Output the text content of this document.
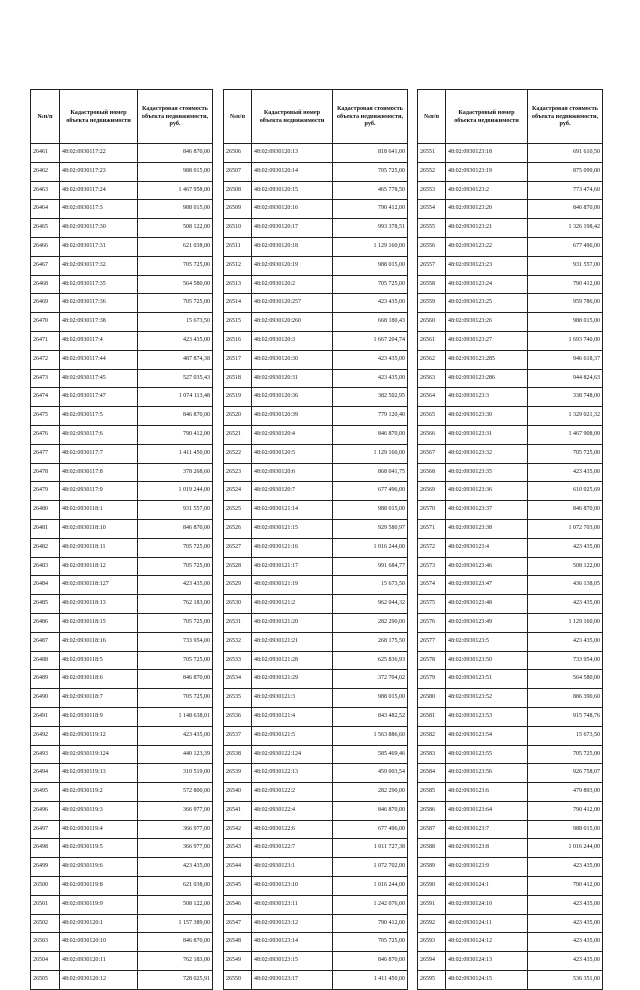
№п/п	Кадастровый номер объекта недвижимости	Кадастровая стоимость объекта недвижимости, руб.
26461	48:02:0930117:22	846 870,00
26462	48:02:0930117:23	988 015,00
26463	48:02:0930117:24	1 467 958,00
26464	48:02:0930117:3	988 015,00
26465	48:02:0930117:30	508 122,00
26466	48:02:0930117:31	621 038,00
26467	48:02:0930117:32	705 725,00
26468	48:02:0930117:35	564 580,00
26469	48:02:0930117:36	705 725,00
26470	48:02:0930117:38	15 673,50
26471	48:02:0930117:4	423 435,00
26472	48:02:0930117:44	487 874,38
26473	48:02:0930117:45	527 035,43
26474	48:02:0930117:47	1 074 113,48
26475	48:02:0930117:5	846 870,00
26476	48:02:0930117:6	790 412,00
26477	48:02:0930117:7	1 411 450,00
26478	48:02:0930117:8	378 268,60
26479	48:02:0930117:9	1 019 244,00
26480	48:02:0930118:1	931 557,00
26481	48:02:0930118:10	846 870,00
26482	48:02:0930118:11	705 725,00
26483	48:02:0930118:12	705 725,00
26484	48:02:0930118:127	423 435,00
26485	48:02:0930118:13	762 183,00
26486	48:02:0930118:15	705 725,00
26487	48:02:0930118:16	733 954,00
26488	48:02:0930118:5	705 725,00
26489	48:02:0930118:6	846 870,00
26490	48:02:0930118:7	705 725,00
26491	48:02:0930118:9	1 148 638,01
26492	48:02:0930119:12	423 435,00
26493	48:02:0930119:124	440 123,39
26494	48:02:0930119:13	310 519,00
26495	48:02:0930119:2	572 800,00
26496	48:02:0930119:3	366 977,00
26497	48:02:0930119:4	366 977,00
26498	48:02:0930119:5	366 977,00
26499	48:02:0930119:6	423 435,00
26500	48:02:0930119:8	621 038,00
26501	48:02:0930119:9	508 122,00
26502	48:02:0930120:1	1 157 389,00
26503	48:02:0930120:10	846 870,00
26504	48:02:0930120:11	762 183,00
26505	48:02:0930120:12	728 025,91
№п/п	Кадастровый номер объекта недвижимости	Кадастровая стоимость объекта недвижимости, руб.
26506	48:02:0930120:13	818 641,00
26507	48:02:0930120:14	705 725,00
26508	48:02:0930120:15	465 778,50
26509	48:02:0930120:16	790 412,00
26510	48:02:0930120:17	993 378,51
26511	48:02:0930120:18	1 129 160,00
26512	48:02:0930120:19	988 015,00
26513	48:02:0930120:2	705 725,00
26514	48:02:0930120:257	423 435,00
26515	48:02:0930120:260	668 180,43
26516	48:02:0930120:3	1 667 204,74
26517	48:02:0930120:30	423 435,00
26518	48:02:0930120:31	423 435,00
26519	48:02:0930120:36	382 502,95
26520	48:02:0930120:39	779 120,40
26521	48:02:0930120:4	846 870,00
26522	48:02:0930120:5	1 129 160,00
26523	48:02:0930120:6	868 041,75
26524	48:02:0930120:7	677 496,00
26525	48:02:0930121:14	988 015,00
26526	48:02:0930121:15	929 580,97
26527	48:02:0930121:16	1 016 244,00
26528	48:02:0930121:17	991 684,77
26529	48:02:0930121:19	15 673,50
26530	48:02:0930121:2	962 044,32
26531	48:02:0930121:20	282 290,00
26532	48:02:0930121:21	268 175,50
26533	48:02:0930121:28	625 836,93
26534	48:02:0930121:29	372 704,02
26535	48:02:0930121:3	988 015,00
26536	48:02:0930121:4	843 482,52
26537	48:02:0930121:5	1 563 886,60
26538	48:02:0930122:124	585 469,46
26539	48:02:0930122:13	459 003,54
26540	48:02:0930122:2	282 290,00
26541	48:02:0930122:4	846 870,00
26542	48:02:0930122:6	677 496,00
26543	48:02:0930122:7	1 011 727,38
26544	48:02:0930123:1	1 072 702,00
26545	48:02:0930123:10	1 016 244,00
26546	48:02:0930123:11	1 242 076,00
26547	48:02:0930123:12	790 412,00
26548	48:02:0930123:14	705 725,00
26549	48:02:0930123:15	846 870,00
26550	48:02:0930123:17	1 411 450,00
№п/п	Кадастровый номер объекта недвижимости	Кадастровая стоимость объекта недвижимости, руб.
26551	48:02:0930123:18	691 610,50
26552	48:02:0930123:19	875 099,00
26553	48:02:0930123:2	773 474,60
26554	48:02:0930123:20	846 870,00
26555	48:02:0930123:21	1 326 198,42
26556	48:02:0930123:22	677 496,00
26557	48:02:0930123:23	931 557,00
26558	48:02:0930123:24	790 412,00
26559	48:02:0930123:25	959 786,00
26560	48:02:0930123:26	988 015,00
26561	48:02:0930123:27	1 693 740,00
26562	48:02:0930123:285	946 618,37
26563	48:02:0930123:286	944 824,63
26564	48:02:0930123:3	338 748,00
26565	48:02:0930123:30	1 329 021,32
26566	48:02:0930123:31	1 467 908,00
26567	48:02:0930123:32	705 725,00
26568	48:02:0930123:35	423 435,00
26569	48:02:0930123:36	610 025,69
26570	48:02:0930123:37	846 870,00
26571	48:02:0930123:38	1 072 703,00
26572	48:02:0930123:4	423 435,00
26573	48:02:0930123:46	508 122,00
26574	48:02:0930123:47	436 138,05
26575	48:02:0930123:48	423 435,00
26576	48:02:0930123:49	1 129 160,00
26577	48:02:0930123:5	423 435,00
26578	48:02:0930123:50	733 954,00
26579	48:02:0930123:51	564 580,00
26580	48:02:0930123:52	886 390,60
26581	48:02:0930123:53	915 748,76
26582	48:02:0930123:54	15 673,50
26583	48:02:0930123:55	705 725,00
26584	48:02:0930123:56	926 758,07
26585	48:02:0930123:6	479 893,00
26586	48:02:0930123:64	790 412,00
26587	48:02:0930123:7	988 015,00
26588	48:02:0930123:8	1 016 244,00
26589	48:02:0930123:9	423 435,00
26590	48:02:0930124:1	790 412,00
26591	48:02:0930124:10	423 435,00
26592	48:02:0930124:11	423 435,00
26593	48:02:0930124:12	423 435,00
26594	48:02:0930124:13	423 435,00
26595	48:02:0930124:15	536 351,00
